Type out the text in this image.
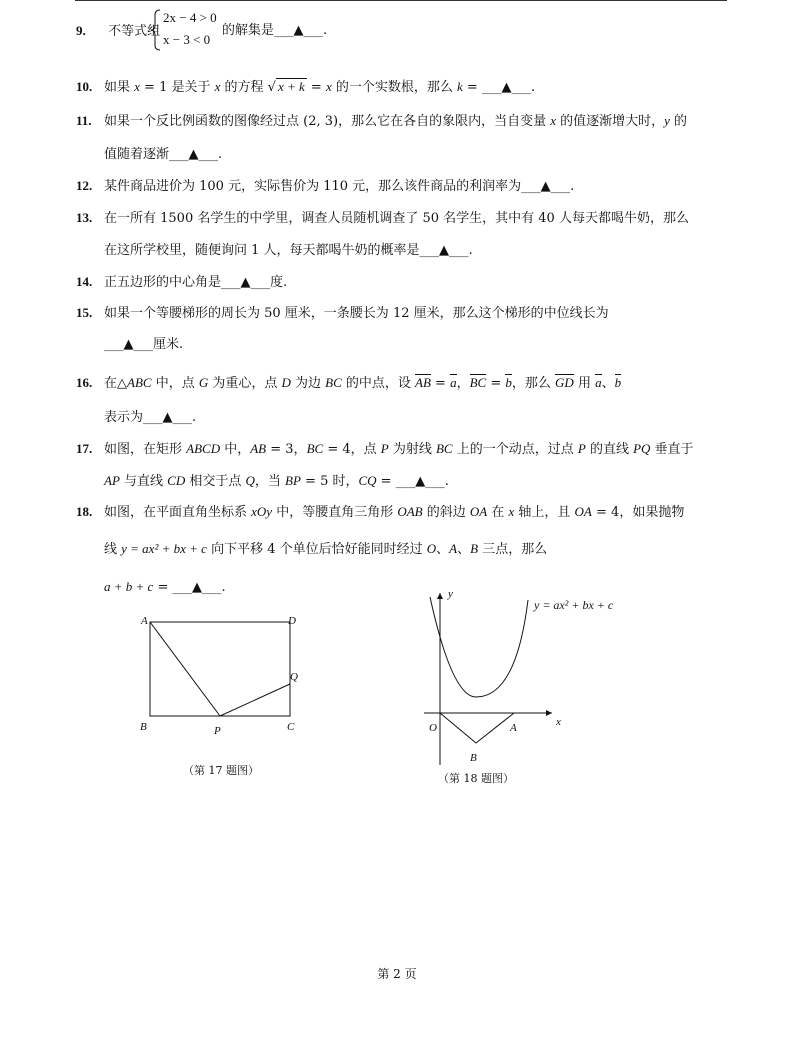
9. 不等式组
2x − 4 > 0
x − 3 < 0
的解集是___▲___.
10. 如果 x = 1 是关于 x 的方程 √ x + k = x 的一个实数根，那么 k = ___▲___.
11. 如果一个反比例函数的图像经过点 (2, 3)，那么它在各自的象限内，当自变量 x 的值逐渐增大时，y 的
值随着逐渐___▲___.
12. 某件商品进价为 100 元，实际售价为 110 元，那么该件商品的利润率为___▲___.
13. 在一所有 1500 名学生的中学里，调查人员随机调查了 50 名学生，其中有 40 人每天都喝牛奶，那么
在这所学校里，随便询问 1 人，每天都喝牛奶的概率是___▲___.
14. 正五边形的中心角是___▲___度.
15. 如果一个等腰梯形的周长为 50 厘米，一条腰长为 12 厘米，那么这个梯形的中位线长为
___▲___厘米.
16. 在△ABC 中，点 G 为重心，点 D 为边 BC 的中点，设 AB = a，BC = b，那么 GD 用 a、b
表示为___▲___.
17. 如图，在矩形 ABCD 中，AB = 3，BC = 4，点 P 为射线 BC 上的一个动点，过点 P 的直线 PQ 垂直于
AP 与直线 CD 相交于点 Q，当 BP = 5 时，CQ = ___▲___.
18. 如图，在平面直角坐标系 xOy 中，等腰直角三角形 OAB 的斜边 OA 在 x 轴上，且 OA = 4，如果抛物
线 y = ax² + bx + c 向下平移 4 个单位后恰好能同时经过 O、A、B 三点，那么
a + b + c = ___▲___.
A	D
Q
B	P	C
（第 17 题图）
y
x
O	A
B
y = ax² + bx + c
（第 18 题图）
第 2 页
